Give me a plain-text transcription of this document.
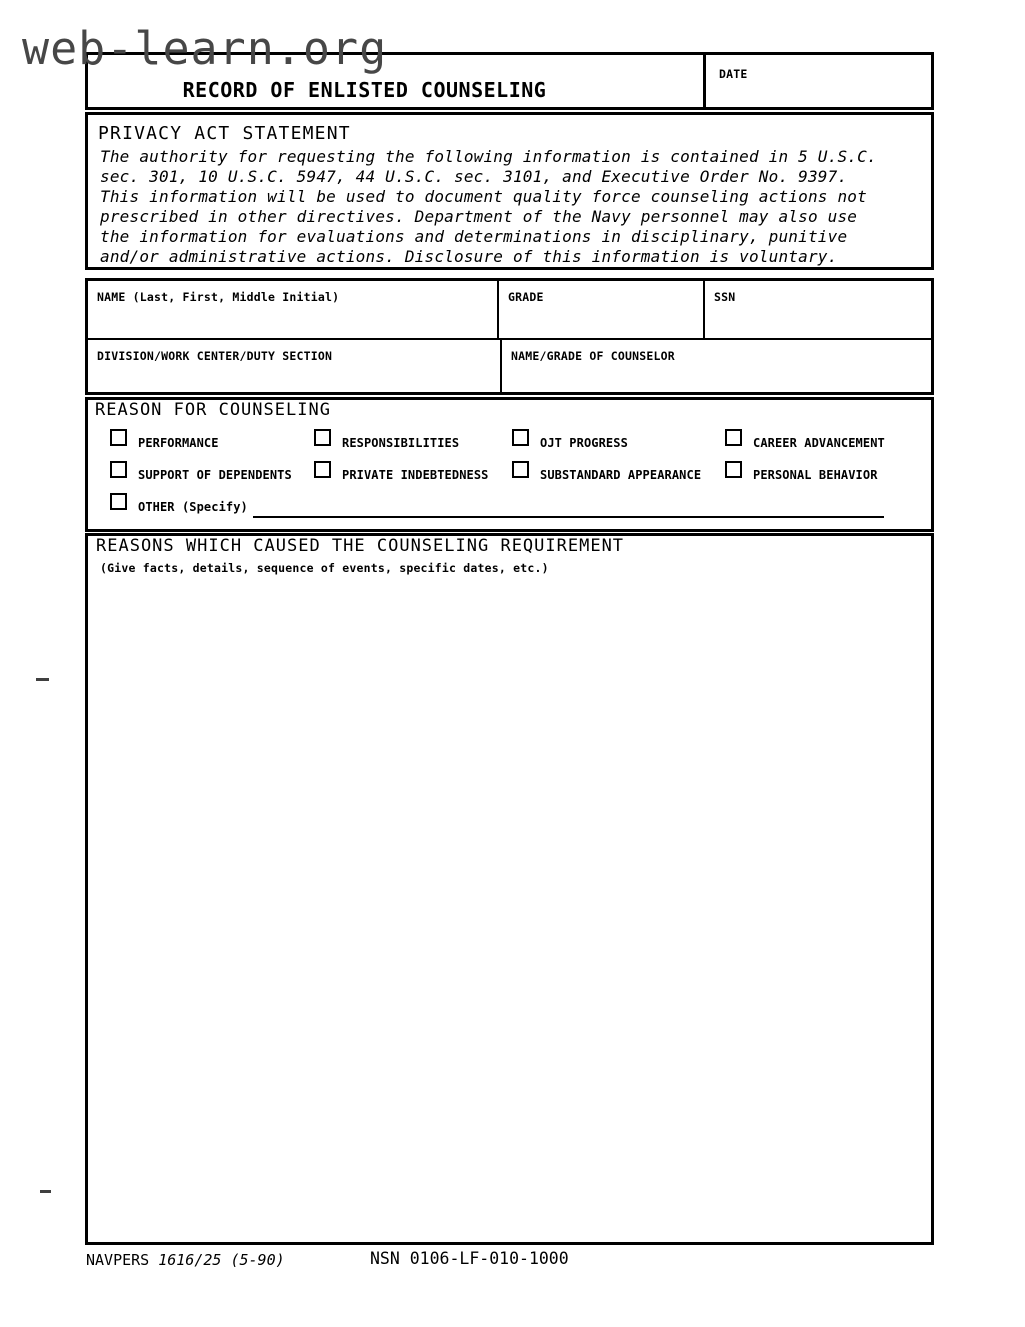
web-learn.org
RECORD OF ENLISTED COUNSELING
DATE
PRIVACY ACT STATEMENT
The authority for requesting the following information is contained in 5 U.S.C.
sec. 301, 10 U.S.C. 5947, 44 U.S.C. sec. 3101, and Executive Order No. 9397.
This information will be used to document quality force counseling actions not
prescribed in other directives. Department of the Navy personnel may also use
the information for evaluations and determinations in disciplinary, punitive
and/or administrative actions. Disclosure of this information is voluntary.
NAME (Last, First, Middle Initial)	GRADE	SSN
DIVISION/WORK CENTER/DUTY SECTION	NAME/GRADE OF COUNSELOR
REASON FOR COUNSELING
PERFORMANCE	RESPONSIBILITIES	OJT PROGRESS	CAREER ADVANCEMENT
SUPPORT OF DEPENDENTS	PRIVATE INDEBTEDNESS	SUBSTANDARD APPEARANCE	PERSONAL BEHAVIOR
OTHER (Specify)
REASONS WHICH CAUSED THE COUNSELING REQUIREMENT
(Give facts, details, sequence of events, specific dates, etc.)
NAVPERS 1616/25 (5-90)	NSN 0106-LF-010-1000
